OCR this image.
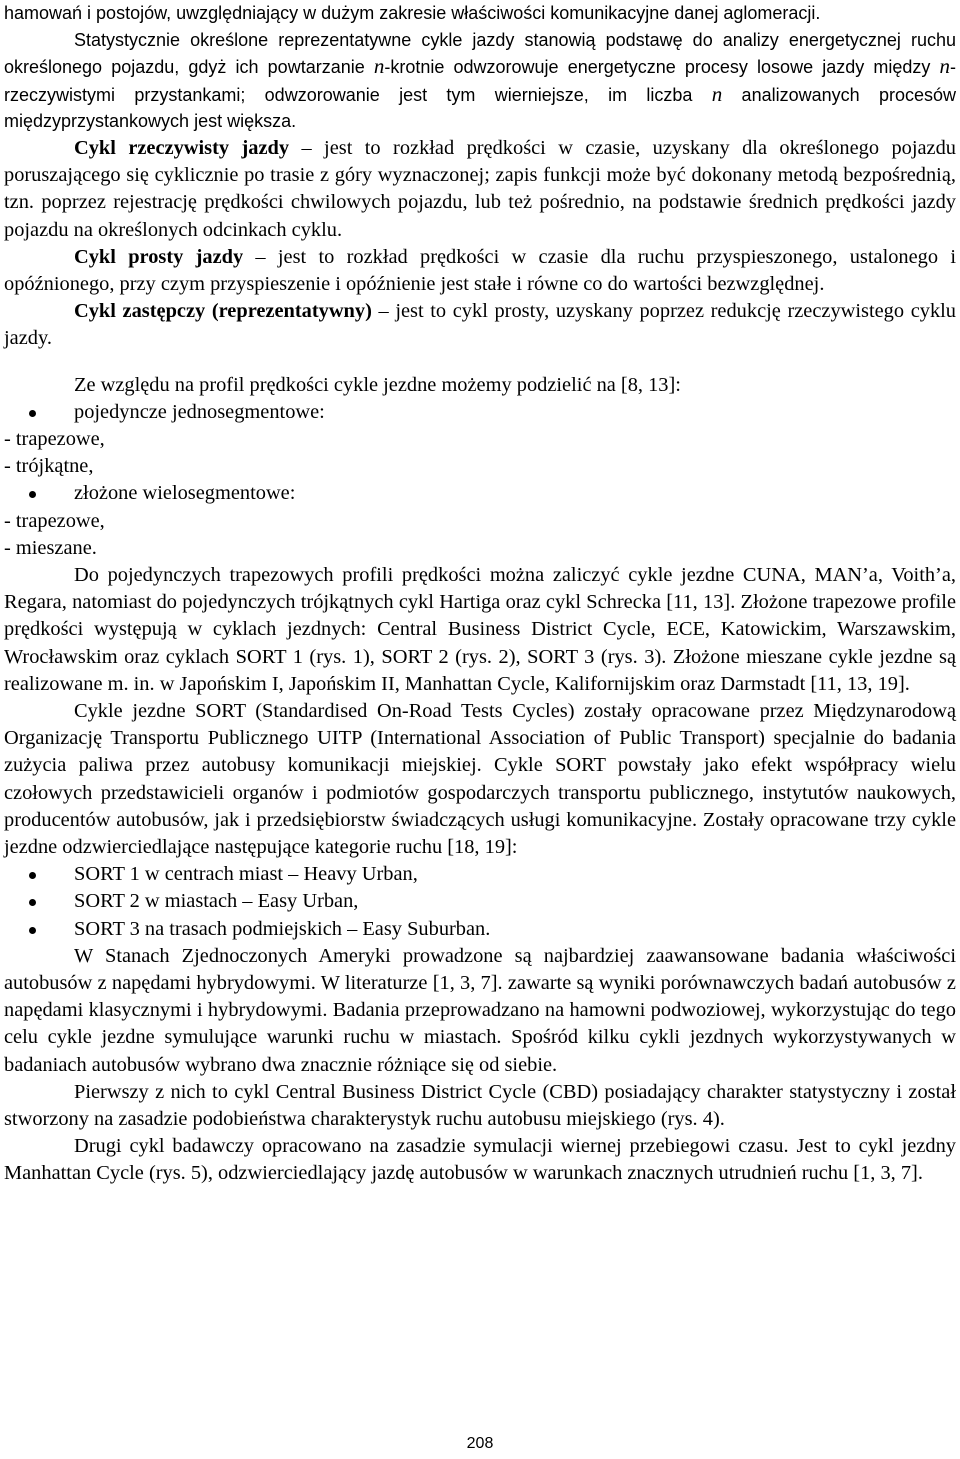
hamowań i postojów, uwzględniający w dużym zakresie właściwości komunikacyjne danej aglomeracji.

Statystycznie określone reprezentatywne cykle jazdy stanowią podstawę do analizy energetycznej ruchu określonego pojazdu, gdyż ich powtarzanie n-krotnie odwzorowuje energetyczne procesy losowe jazdy między n-rzeczywistymi przystankami; odwzorowanie jest tym wierniejsze, im liczba n analizowanych procesów międzyprzystankowych jest większa.

Cykl rzeczywisty jazdy – jest to rozkład prędkości w czasie, uzyskany dla określonego pojazdu poruszającego się cyklicznie po trasie z góry wyznaczonej; zapis funkcji może być dokonany metodą bezpośrednią, tzn. poprzez rejestrację prędkości chwilowych pojazdu, lub też pośrednio, na podstawie średnich prędkości jazdy pojazdu na określonych odcinkach cyklu.

Cykl prosty jazdy – jest to rozkład prędkości w czasie dla ruchu przyspieszonego, ustalonego i opóźnionego, przy czym przyspieszenie i opóźnienie jest stałe i równe co do wartości bezwzględnej.

Cykl zastępczy (reprezentatywny) – jest to cykl prosty, uzyskany poprzez redukcję rzeczywistego cyklu jazdy.

Ze względu na profil prędkości cykle jezdne możemy podzielić na [8, 13]:

pojedyncze jednosegmentowe:

- trapezowe,

- trójkątne,

złożone wielosegmentowe:

- trapezowe,

- mieszane.

Do pojedynczych trapezowych profili prędkości można zaliczyć cykle jezdne CUNA, MAN’a, Voith’a, Regara, natomiast do pojedynczych trójkątnych cykl Hartiga oraz cykl Schrecka [11, 13]. Złożone trapezowe profile prędkości występują w cyklach jezdnych: Central Business District Cycle, ECE, Katowickim, Warszawskim, Wrocławskim oraz cyklach SORT 1 (rys. 1), SORT 2 (rys. 2), SORT 3 (rys. 3). Złożone mieszane cykle jezdne są realizowane m. in. w Japońskim I, Japońskim II, Manhattan Cycle, Kalifornijskim oraz Darmstadt [11, 13, 19].

Cykle jezdne SORT (Standardised On-Road Tests Cycles) zostały opracowane przez Międzynarodową Organizację Transportu Publicznego UITP (International Association of Public Transport) specjalnie do badania zużycia paliwa przez autobusy komunikacji miejskiej. Cykle SORT powstały jako efekt współpracy wielu czołowych przedstawicieli organów i podmiotów gospodarczych transportu publicznego, instytutów naukowych, producentów autobusów, jak i przedsiębiorstw świadczących usługi komunikacyjne. Zostały opracowane trzy cykle jezdne odzwierciedlające następujące kategorie ruchu [18, 19]:

SORT 1 w centrach miast – Heavy Urban,
SORT 2 w miastach – Easy Urban,
SORT 3 na trasach podmiejskich – Easy Suburban.

W Stanach Zjednoczonych Ameryki prowadzone są najbardziej zaawansowane badania właściwości autobusów z napędami hybrydowymi. W literaturze [1, 3, 7]. zawarte są wyniki porównawczych badań autobusów z napędami klasycznymi i hybrydowymi. Badania przeprowadzano na hamowni podwoziowej, wykorzystując do tego celu cykle jezdne symulujące warunki ruchu w miastach. Spośród kilku cykli jezdnych wykorzystywanych w badaniach autobusów wybrano dwa znacznie różniące się od siebie.

Pierwszy z nich to cykl Central Business District Cycle (CBD) posiadający charakter statystyczny i został stworzony na zasadzie podobieństwa charakterystyk ruchu autobusu miejskiego (rys. 4).

Drugi cykl badawczy opracowano na zasadzie symulacji wiernej przebiegowi czasu. Jest to cykl jezdny Manhattan Cycle (rys. 5), odzwierciedlający jazdę autobusów w warunkach znacznych utrudnień ruchu [1, 3, 7].

208
